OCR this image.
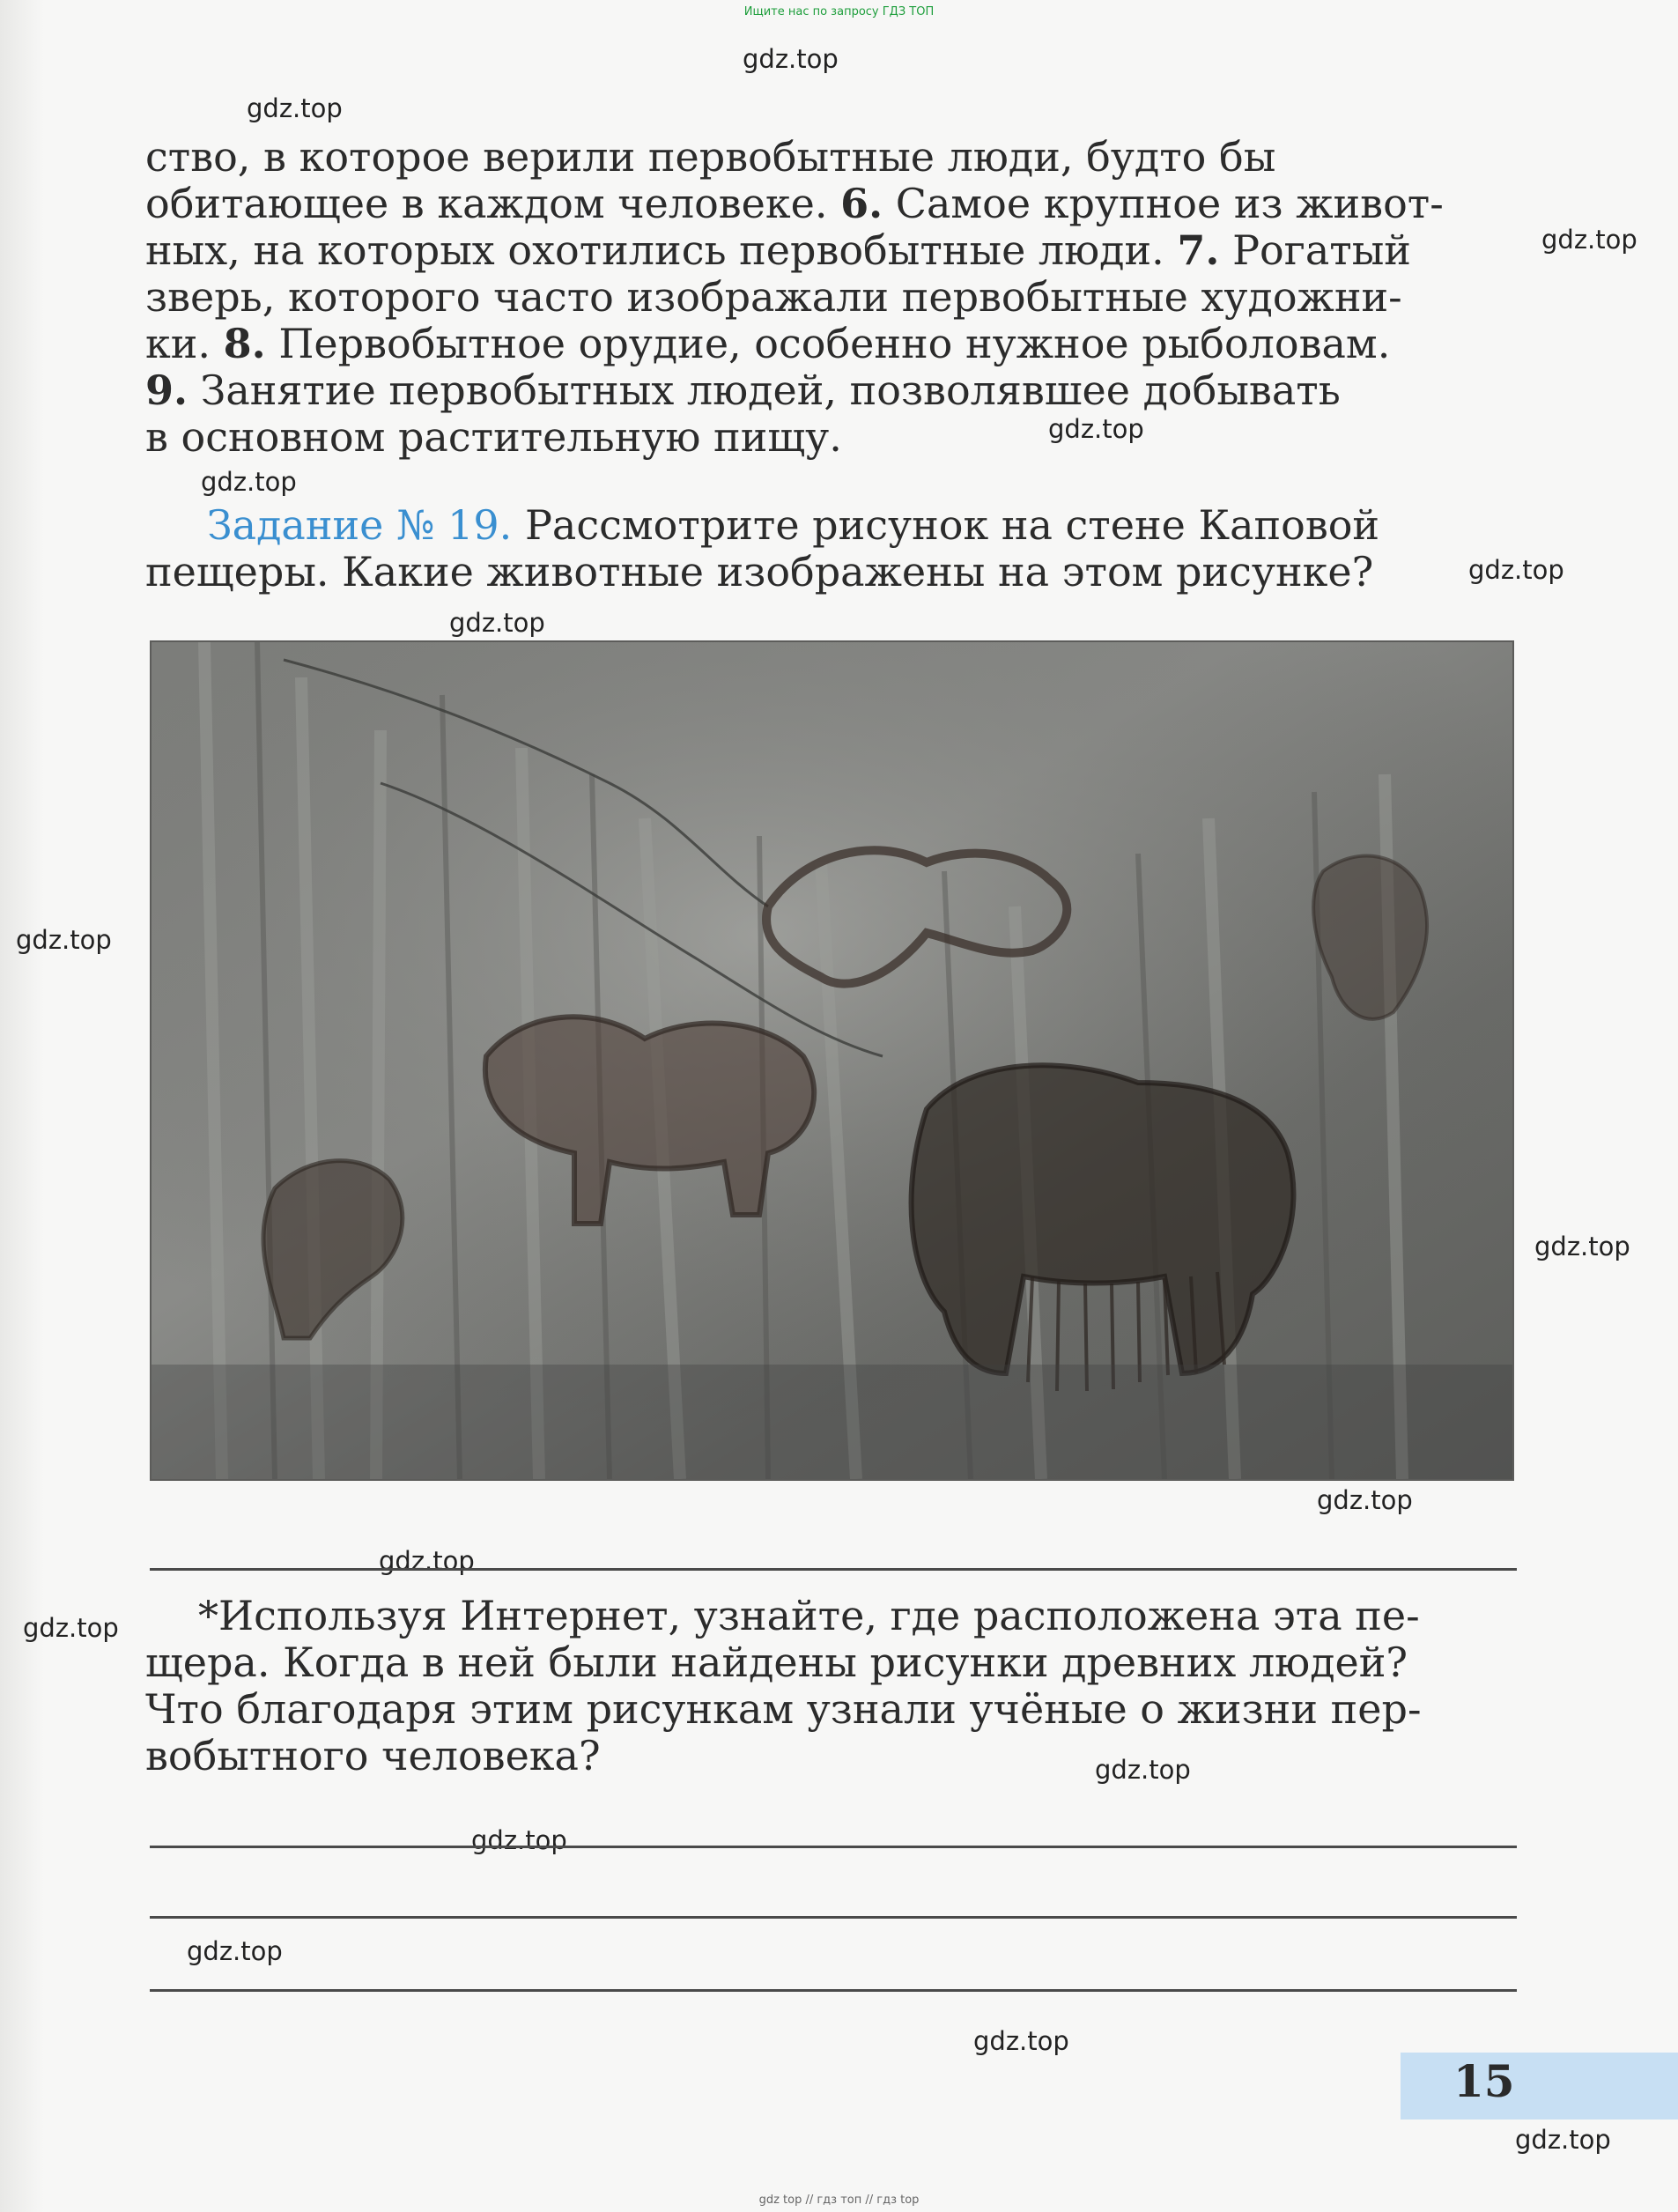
Ищите нас по запросу ГДЗ ТОП
gdz.top
gdz.top
gdz.top
gdz.top
gdz.top
gdz.top
gdz.top
gdz.top
gdz.top
gdz.top
gdz.top
gdz.top
gdz.top
gdz.top
gdz.top
gdz.top
gdz.top
ство, в которое верили первобытные люди, будто бы
обитающее в каждом человеке. 6. Самое крупное из живот-
ных, на которых охотились первобытные люди. 7. Рогатый
зверь, которого часто изображали первобытные художни-
ки. 8. Первобытное орудие, особенно нужное рыболовам.
9. Занятие первобытных людей, позволявшее добывать
в основном растительную пищу.
Задание № 19. Рассмотрите рисунок на стене Каповой
пещеры. Какие животные изображены на этом рисунке?
*Используя Интернет, узнайте, где расположена эта пе-
щера. Когда в ней были найдены рисунки древних людей?
Что благодаря этим рисункам узнали учёные о жизни пер-
вобытного человека?
15
gdz top // гдз топ // гдз top
